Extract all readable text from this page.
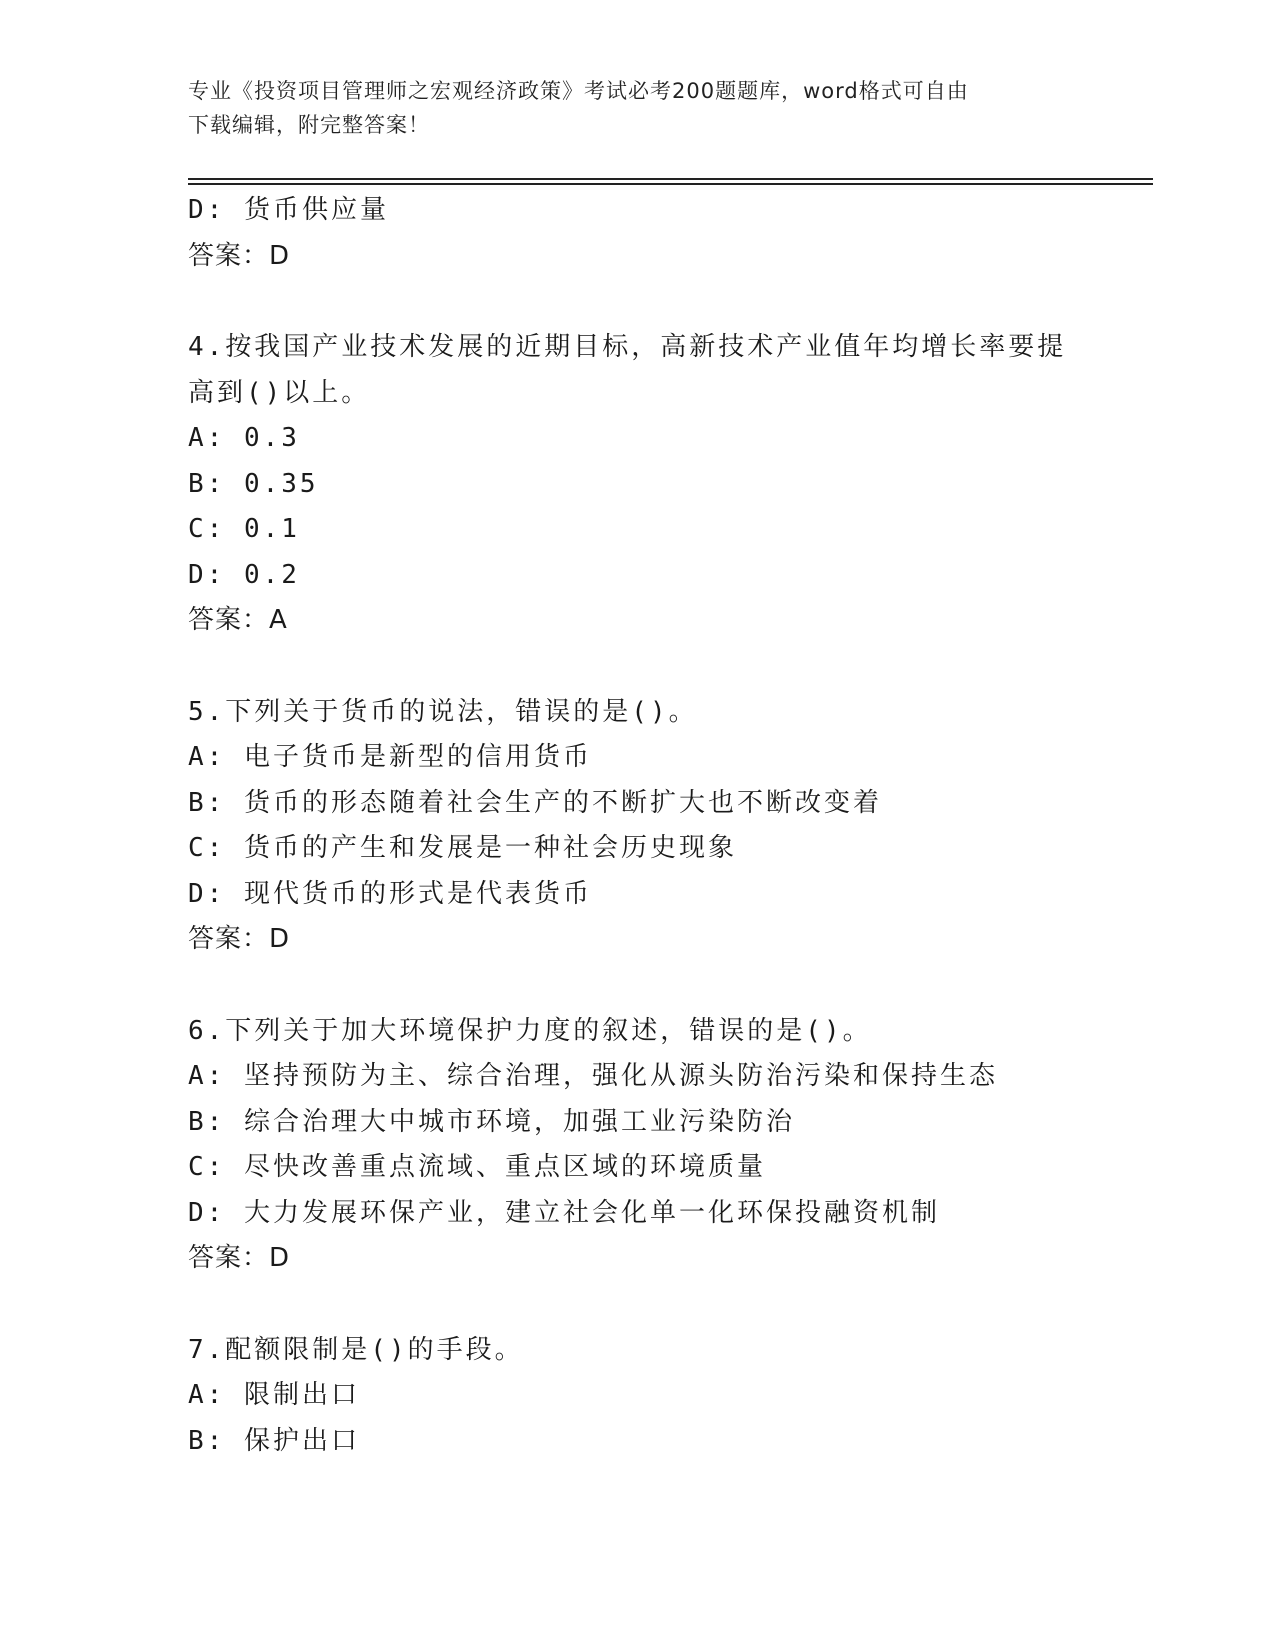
专业《投资项目管理师之宏观经济政策》考试必考200题题库，word格式可自由
下载编辑，附完整答案！
D: 货币供应量
答案：D
4.按我国产业技术发展的近期目标，高新技术产业值年均增长率要提高到()以上。
A: 0.3
B: 0.35
C: 0.1
D: 0.2
答案：A
5.下列关于货币的说法，错误的是()。
A: 电子货币是新型的信用货币
B: 货币的形态随着社会生产的不断扩大也不断改变着
C: 货币的产生和发展是一种社会历史现象
D: 现代货币的形式是代表货币
答案：D
6.下列关于加大环境保护力度的叙述，错误的是()。
A: 坚持预防为主、综合治理，强化从源头防治污染和保持生态
B: 综合治理大中城市环境，加强工业污染防治
C: 尽快改善重点流域、重点区域的环境质量
D: 大力发展环保产业，建立社会化单一化环保投融资机制
答案：D
7.配额限制是()的手段。
A: 限制出口
B: 保护出口
